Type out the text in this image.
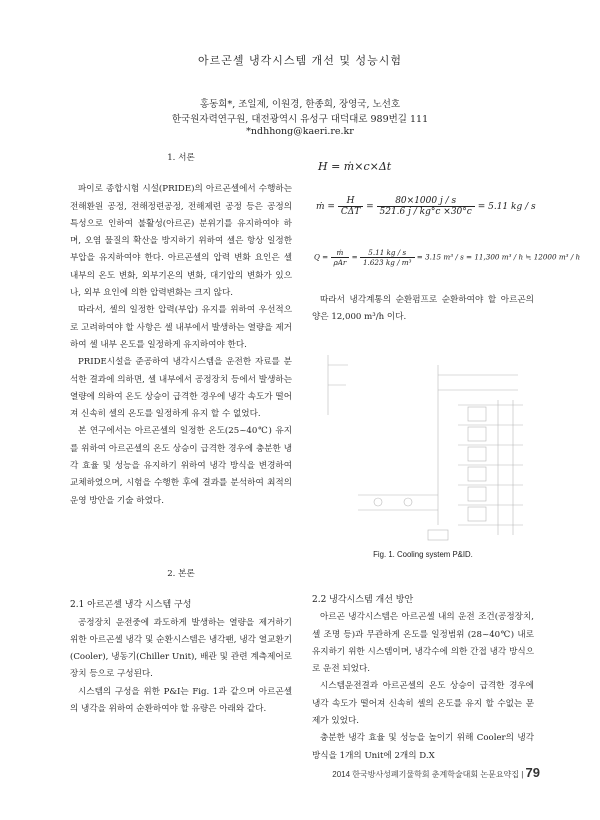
아르곤셀 냉각시스템 개선 및 성능시험
홍동희*, 조일제, 이원경, 한종희, 장영국, 노선호
한국원자력연구원, 대전광역시 유성구 대덕대로 989번길 111
*ndhhong@kaeri.re.kr

1. 서론

파이로 종합시험 시설(PRIDE)의 아르곤셀에서 수행하는 전해환원 공정, 전해정련공정, 전해제련 공정 등은 공정의 특성으로 인하여 불활성(아르곤) 분위기를 유지하여야 하며, 오염 물질의 확산을 방지하기 위하여 셀은 항상 일정한 부압을 유지하여야 한다. 아르곤셀의 압력 변화 요인은 셀 내부의 온도 변화, 외부기온의 변화, 대기압의 변화가 있으나, 외부 요인에 의한 압력변화는 크지 않다.

따라서, 셀의 일정한 압력(부압) 유지를 위하여 우선적으로 고려하여야 할 사항은 셀 내부에서 발생하는 열량을 제거하여 셀 내부 온도를 일정하게 유지하여야 한다.

PRIDE시설을 준공하여 냉각시스템을 운전한 자료를 분석한 결과에 의하면, 셀 내부에서 공정장치 등에서 발생하는 열량에 의하여 온도 상승이 급격한 경우에 냉각 속도가 떨어져 신속히 셀의 온도를 일정하게 유지 할 수 없었다.

본 연구에서는 아르곤셀의 일정한 온도(25~40℃) 유지를 위하여 아르곤셀의 온도 상승이 급격한 경우에 충분한 냉각 효율 및 성능을 유지하기 위하여 냉각 방식을 변경하여 교체하였으며, 시험을 수행한 후에 결과를 분석하여 최적의 운영 방안을 기술 하였다.

2. 본론

2.1 아르곤셀 냉각 시스템 구성

공정장치 운전중에 과도하게 발생하는 열량을 제거하기 위한 아르곤셀 냉각 및 순환시스템은 냉각팬, 냉각 열교환기(Cooler), 냉동기(Chiller Unit), 배관 및 관련 계측제어로 장치 등으로 구성된다.

시스템의 구성을 위한 P&I는 Fig. 1과 같으며 아르곤셀의 냉각을 위하여 순환하여야 할 유량은 아래와 같다.

H = ṁ×c×Δt
ṁ = $\frac{H}{\text{CΔT}} = \frac{80\times 1000 j / s}{521.6 j / kg^\circ c \times 30^\circ c} = 5.11$ kg / s
$Q = \frac{\text{ṁ}}{\text{ρAr}} = \frac{5.11 kg / s}{\text{1.623 kg / m³}} = 3.15$ m³ / s = 11,300 m³ / h ≒ 12000 m³ / h

따라서 냉각계통의 순환펌프로 순환하여야 할 아르곤의 양은 12,000 m³/h 이다.

Fig. 1. Cooling system P&ID.

2.2 냉각시스템 개선 방안

아르곤 냉각시스템은 아르곤셀 내의 운전 조건(공정장치, 셀 조명 등)과 무관하게 온도를 일정범위 (28~40℃) 내로 유지하기 위한 시스템이며, 냉각수에 의한 간접 냉각 방식으로 운전 되었다.

시스템운전결과 아르곤셀의 온도 상승이 급격한 경우에 냉각 속도가 떨어져 신속히 셀의 온도를 유지 할 수없는 문제가 있었다.

충분한 냉각 효율 및 성능을 높이기 위해 Cooler의 냉각 방식을 1개의 Unit에 2개의 D.X

2014 한국방사성폐기물학회 춘계학술대회 논문요약집 | 79
